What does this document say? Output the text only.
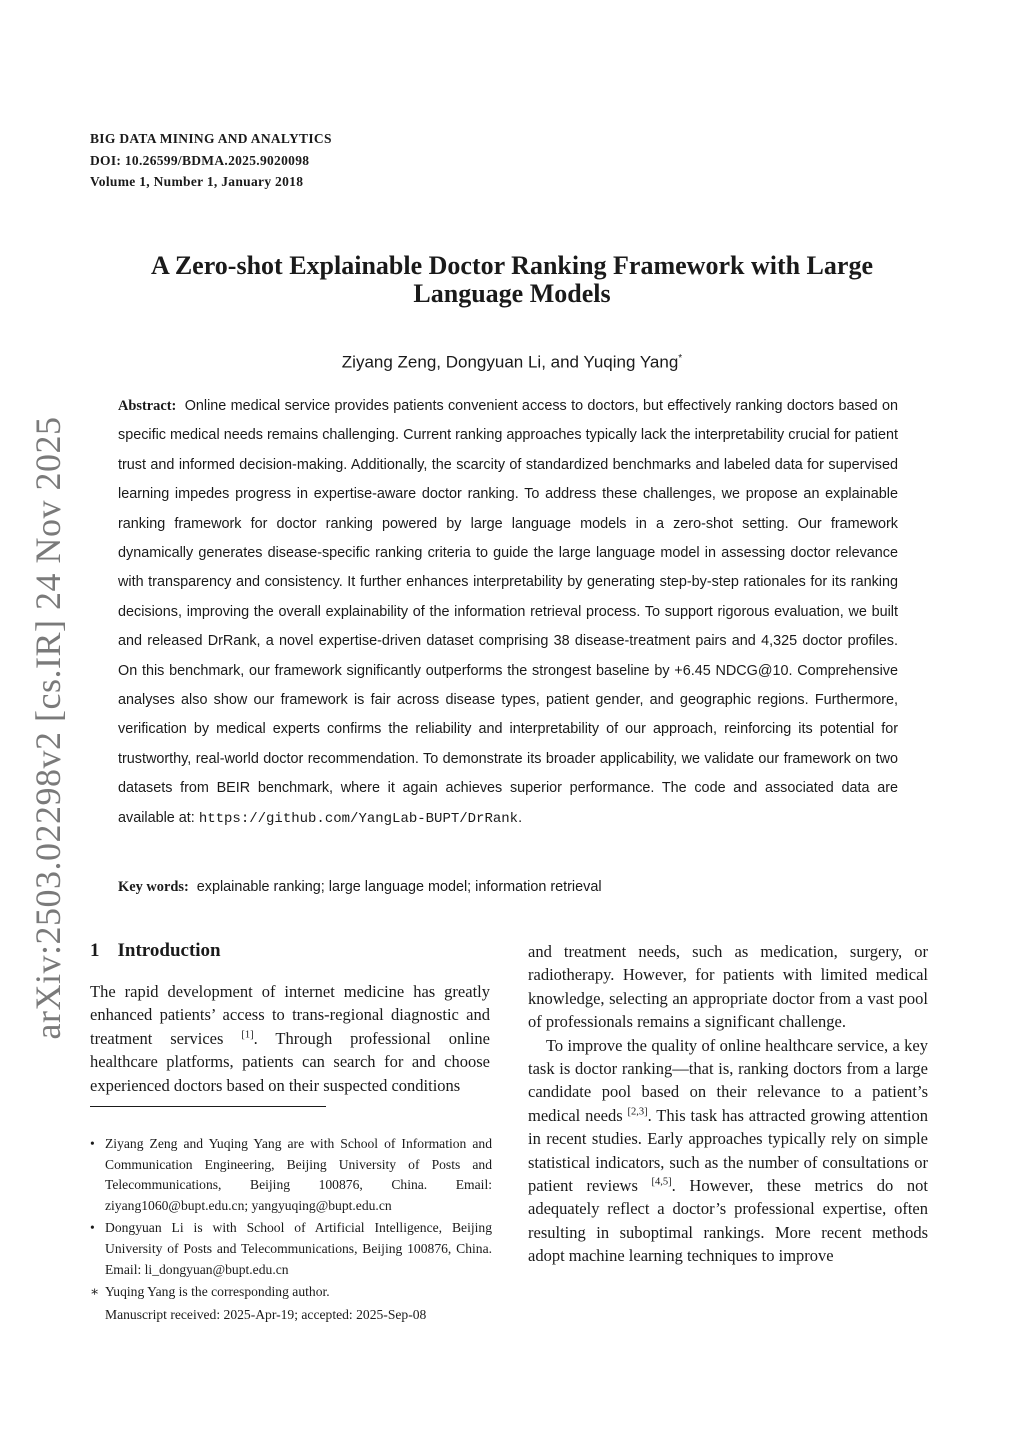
BIG DATA MINING AND ANALYTICS
DOI: 10.26599/BDMA.2025.9020098
Volume 1, Number 1, January 2018
arXiv:2503.02298v2 [cs.IR] 24 Nov 2025
A Zero-shot Explainable Doctor Ranking Framework with Large Language Models
Ziyang Zeng, Dongyuan Li, and Yuqing Yang*
Abstract: Online medical service provides patients convenient access to doctors, but effectively ranking doctors based on specific medical needs remains challenging. Current ranking approaches typically lack the interpretability crucial for patient trust and informed decision-making. Additionally, the scarcity of standardized benchmarks and labeled data for supervised learning impedes progress in expertise-aware doctor ranking. To address these challenges, we propose an explainable ranking framework for doctor ranking powered by large language models in a zero-shot setting. Our framework dynamically generates disease-specific ranking criteria to guide the large language model in assessing doctor relevance with transparency and consistency. It further enhances interpretability by generating step-by-step rationales for its ranking decisions, improving the overall explainability of the information retrieval process. To support rigorous evaluation, we built and released DrRank, a novel expertise-driven dataset comprising 38 disease-treatment pairs and 4,325 doctor profiles. On this benchmark, our framework significantly outperforms the strongest baseline by +6.45 NDCG@10. Comprehensive analyses also show our framework is fair across disease types, patient gender, and geographic regions. Furthermore, verification by medical experts confirms the reliability and interpretability of our approach, reinforcing its potential for trustworthy, real-world doctor recommendation. To demonstrate its broader applicability, we validate our framework on two datasets from BEIR benchmark, where it again achieves superior performance. The code and associated data are available at: https://github.com/YangLab-BUPT/DrRank.
Key words: explainable ranking; large language model; information retrieval
1 Introduction

The rapid development of internet medicine has greatly enhanced patients’ access to trans-regional diagnostic and treatment services [1]. Through professional online healthcare platforms, patients can search for and choose experienced doctors based on their suspected conditions

and treatment needs, such as medication, surgery, or radiotherapy. However, for patients with limited medical knowledge, selecting an appropriate doctor from a vast pool of professionals remains a significant challenge.

To improve the quality of online healthcare service, a key task is doctor ranking—that is, ranking doctors from a large candidate pool based on their relevance to a patient’s medical needs [2,3]. This task has attracted growing attention in recent studies. Early approaches typically rely on simple statistical indicators, such as the number of consultations or patient reviews [4,5]. However, these metrics do not adequately reflect a doctor’s professional expertise, often resulting in suboptimal rankings. More recent methods adopt machine learning techniques to improve

• Ziyang Zeng and Yuqing Yang are with School of Information and Communication Engineering, Beijing University of Posts and Telecommunications, Beijing 100876, China. Email: ziyang1060@bupt.edu.cn; yangyuqing@bupt.edu.cn
• Dongyuan Li is with School of Artificial Intelligence, Beijing University of Posts and Telecommunications, Beijing 100876, China. Email: li_dongyuan@bupt.edu.cn
∗ Yuqing Yang is the corresponding author.
Manuscript received: 2025-Apr-19; accepted: 2025-Sep-08
